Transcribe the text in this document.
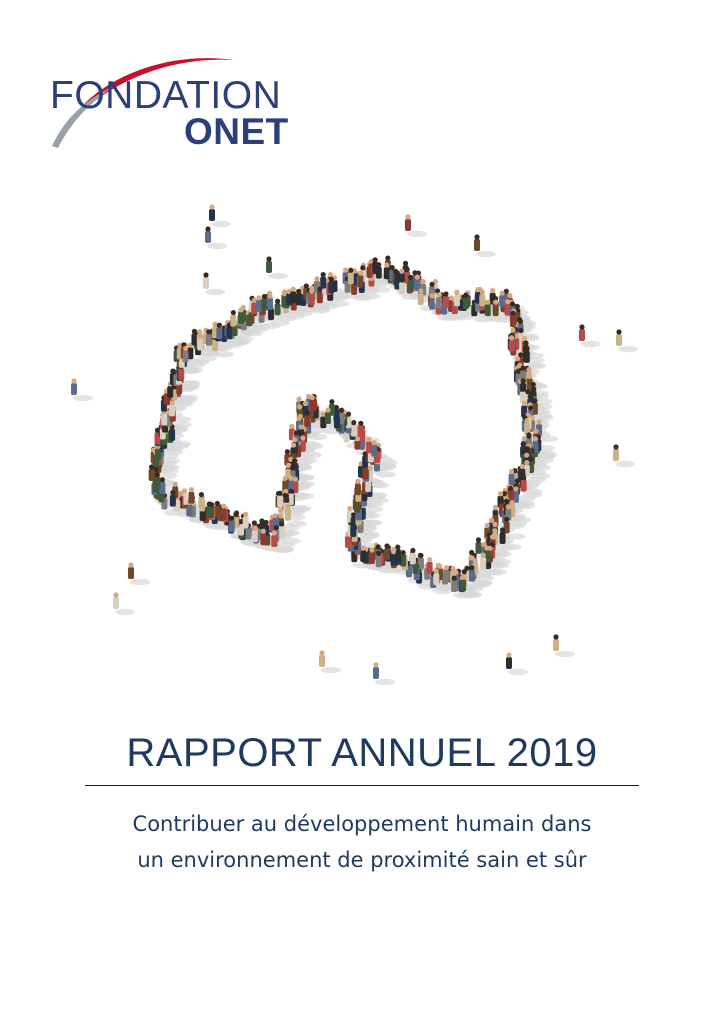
FONDATION
ONET
RAPPORT ANNUEL 2019
Contribuer au développement humain dans
un environnement de proximité sain et sûr
